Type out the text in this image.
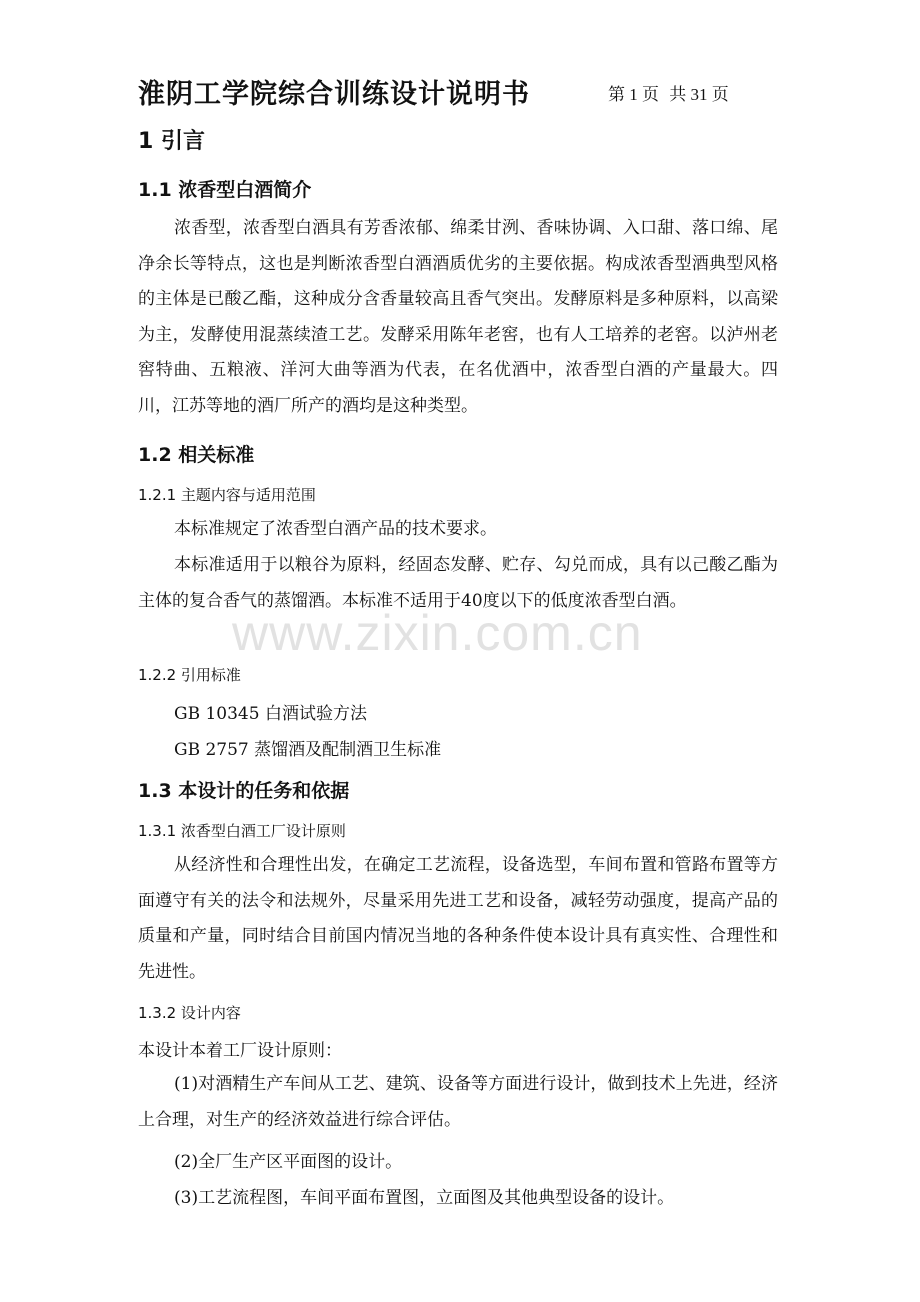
www.zixin.com.cn
淮阴工学院综合训练设计说明书	第 1 页 共 31 页
1 引言
1.1 浓香型白酒简介
浓香型，浓香型白酒具有芳香浓郁、绵柔甘洌、香味协调、入口甜、落口绵、尾净余长等特点，这也是判断浓香型白酒酒质优劣的主要依据。构成浓香型酒典型风格的主体是已酸乙酯，这种成分含香量较高且香气突出。发酵原料是多种原料，以高梁为主，发酵使用混蒸续渣工艺。发酵采用陈年老窖，也有人工培养的老窖。以泸州老窖特曲、五粮液、洋河大曲等酒为代表，在名优酒中，浓香型白酒的产量最大。四川，江苏等地的酒厂所产的酒均是这种类型。
1.2 相关标准
1.2.1 主题内容与适用范围
本标准规定了浓香型白酒产品的技术要求。
本标准适用于以粮谷为原料，经固态发酵、贮存、勾兑而成，具有以己酸乙酯为主体的复合香气的蒸馏酒。本标准不适用于40度以下的低度浓香型白酒。
1.2.2 引用标准
GB 10345 白酒试验方法
GB 2757 蒸馏酒及配制酒卫生标准
1.3 本设计的任务和依据
1.3.1 浓香型白酒工厂设计原则
从经济性和合理性出发，在确定工艺流程，设备选型，车间布置和管路布置等方面遵守有关的法令和法规外，尽量采用先进工艺和设备，减轻劳动强度，提高产品的质量和产量，同时结合目前国内情况当地的各种条件使本设计具有真实性、合理性和先进性。
1.3.2 设计内容
本设计本着工厂设计原则：
(1)对酒精生产车间从工艺、建筑、设备等方面进行设计，做到技术上先进，经济上合理，对生产的经济效益进行综合评估。
(2)全厂生产区平面图的设计。
(3)工艺流程图，车间平面布置图，立面图及其他典型设备的设计。
